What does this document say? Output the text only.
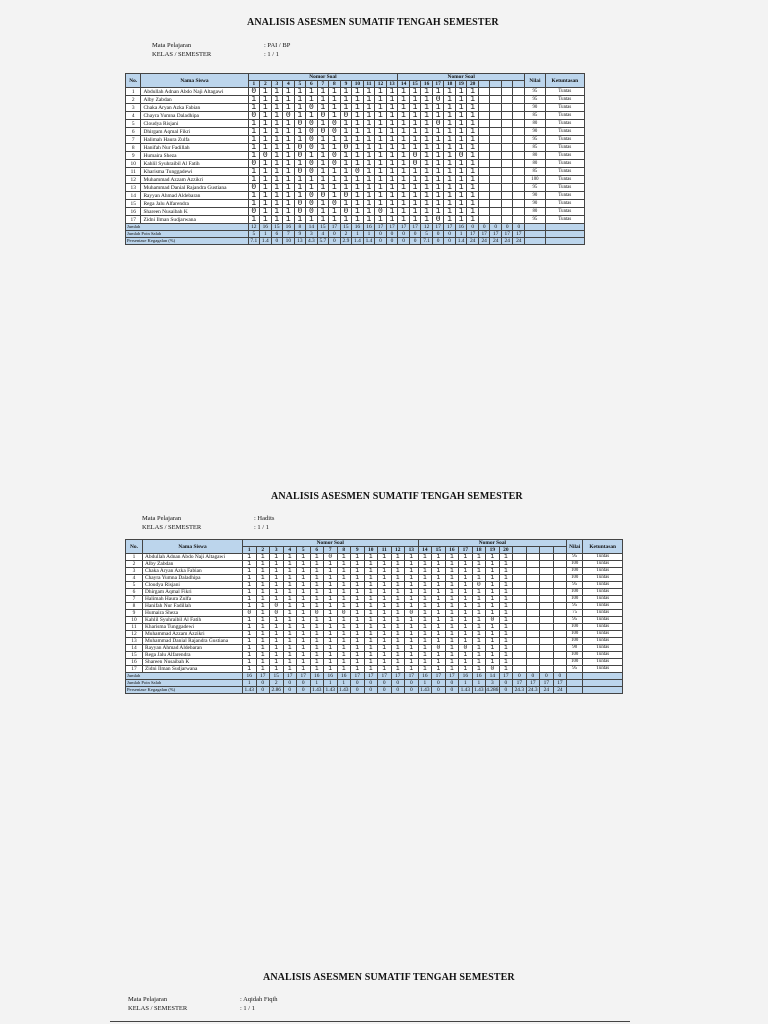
ANALISIS ASESMEN SUMATIF TENGAH SEMESTER
Mata Pelajaran	: PAI / BP
KELAS / SEMESTER	: 1 / 1
No.	Nama Siswa	Nomor Soal													Nomor Soal											Nilai	Ketuntasan
		1	2	3	4	5	6	7	8	9	10	11	12	13	14	15	16	17	18	19	20						
1	Abdullah Adnan Abdo Naji Altagawi	0	1	1	1	1	1	1	1	1	1	1	1	1	1	1	1	1	1	1	1					95	Tuntas
2	Alby Zabdan	1	1	1	1	1	1	1	1	1	1	1	1	1	1	1	1	0	1	1	1					95	Tuntas
3	Chaka Aryan Azka Fabian	1	1	1	1	1	0	1	1	1	1	1	1	1	1	1	1	1	1	1	1					90	Tuntas
4	Chayra Yumna Daladhipa	0	1	1	0	1	1	0	1	0	1	1	1	1	1	1	1	1	1	1	1					85	Tuntas
5	Cloudya Risjani	1	1	1	1	0	0	1	0	1	1	1	1	1	1	1	1	0	1	1	1					80	Tuntas
6	Dhirgam Aqmal Fikri	1	1	1	1	1	0	0	0	1	1	1	1	1	1	1	1	1	1	1	1					90	Tuntas
7	Halimah Haura Zulfa	1	1	1	1	1	0	1	1	1	1	1	1	1	1	1	1	1	1	1	1					95	Tuntas
8	Hanifah Nur Fadillah	1	1	1	1	0	0	1	1	0	1	1	1	1	1	1	1	1	1	1	1					85	Tuntas
9	Humaira Sheza	1	0	1	1	0	1	1	0	1	1	1	1	1	1	0	1	1	1	0	1					80	Tuntas
10	Kahlil Syuhraibil Al Fatih	0	1	1	1	1	0	1	0	1	1	1	1	1	1	0	1	1	1	1	1					80	Tuntas
11	Kharisma Tunggadewi	1	1	1	1	0	0	1	1	1	0	1	1	1	1	1	1	1	1	1	1					85	Tuntas
12	Muhammad Azzam Azzikri	1	1	1	1	1	1	1	1	1	1	1	1	1	1	1	1	1	1	1	1					100	Tuntas
13	Muhammad Danial Rajandra Gustiana	0	1	1	1	1	1	1	1	1	1	1	1	1	1	1	1	1	1	1	1					95	Tuntas
14	Rayyan Ahmad Aldebaran	1	1	1	1	1	0	0	1	0	1	1	1	1	1	1	1	1	1	1	1					90	Tuntas
15	Rega Jalu Alfarendra	1	1	1	1	0	0	1	0	1	1	1	1	1	1	1	1	1	1	1	1					90	Tuntas
16	Shareen Nusaibah K	0	1	1	1	0	0	1	1	0	1	1	0	1	1	1	1	1	1	1	1					80	Tuntas
17	Zidni Ilman Sudjarwana	1	1	1	1	1	1	1	1	1	1	1	1	1	1	1	1	0	1	1	1					95	Tuntas
Jumlah		12	16	15	16	8	14	15	17	15	16	16	17	17	17	17	12	17	17	16	0	0	0	0	0		
Jumlah Poin Salah		5	1	6	7	9	3	4	0	2	1	1	0	0	0	0	5	0	0	1	17	17	17	17	17		
Persentase Kegagalan (%)		7.1	1.4	0	10	13	4.3	5.7	0	2.9	1.4	1.4	0	0	0	0	7.1	0	0	1.4	24	24	24	24	24		
ANALISIS ASESMEN SUMATIF TENGAH SEMESTER
Mata Pelajaran	: Hadits
KELAS / SEMESTER	: 1 / 1
No.	Nama Siswa	Nomor Soal													Nomor Soal											Nilai	Ketuntasan
		1	2	3	4	5	6	7	8	9	10	11	12	13	14	15	16	17	18	19	20						
1	Abdullah Adnan Abdo Naji Altagawi	1	1	1	1	1	1	0	1	1	1	1	1	1	1	1	1	1	1	1	1					95	Tuntas
2	Alby Zabdan	1	1	1	1	1	1	1	1	1	1	1	1	1	1	1	1	1	1	1	1					100	Tuntas
3	Chaka Aryan Azka Fabian	1	1	1	1	1	1	1	1	1	1	1	1	1	1	1	1	1	1	1	1					100	Tuntas
4	Chayra Yumna Daladhipa	1	1	1	1	1	1	1	1	1	1	1	1	1	1	1	1	1	1	1	1					100	Tuntas
5	Cloudya Risjani	1	1	1	1	1	1	1	1	1	1	1	1	1	1	1	1	1	0	1	1					95	Tuntas
6	Dhirgam Aqmal Fikri	1	1	1	1	1	1	1	1	1	1	1	1	1	1	1	1	1	1	1	1					100	Tuntas
7	Halimah Haura Zulfa	1	1	1	1	1	1	1	1	1	1	1	1	1	1	1	1	1	1	1	1					100	Tuntas
8	Hanifah Nur Fadillah	1	1	0	1	1	1	1	1	1	1	1	1	1	1	1	1	1	1	1	1					95	Tuntas
9	Humaira Sheza	0	1	0	1	1	0	1	0	1	1	1	1	0	1	1	1	1	1	1	1					75	Tuntas
10	Kahlil Syuhraibil Al Fatih	1	1	1	1	1	1	1	1	1	1	1	1	1	1	1	1	1	1	0	1					95	Tuntas
11	Kharisma Tunggadewi	1	1	1	1	1	1	1	1	1	1	1	1	1	1	1	1	1	1	1	1					100	Tuntas
12	Muhammad Azzam Azzikri	1	1	1	1	1	1	1	1	1	1	1	1	1	1	1	1	1	1	1	1					100	Tuntas
13	Muhammad Danial Rajandra Gustiana	1	1	1	1	1	1	1	1	1	1	1	1	1	1	1	1	1	1	1	1					100	Tuntas
14	Rayyan Ahmad Aldebaran	1	1	1	1	1	1	1	1	1	1	1	1	1	1	0	1	0	1	1	1					90	Tuntas
15	Rega Jalu Alfarendra	1	1	1	1	1	1	1	1	1	1	1	1	1	1	1	1	1	1	1	1					100	Tuntas
16	Shareen Nusaibah K	1	1	1	1	1	1	1	1	1	1	1	1	1	1	1	1	1	1	1	1					100	Tuntas
17	Zidni Ilman Sudjarwana	1	1	1	1	1	1	1	1	1	1	1	1	1	1	1	1	1	1	0	1					95	Tuntas
Jumlah		16	17	15	17	17	16	16	16	17	17	17	17	17	16	17	17	16	16	14	17	0	0	0	0		
Jumlah Poin Salah		1	0	2	0	0	1	1	1	0	0	0	0	0	1	0	0	1	1	3	0	17	17	17	17		
Persentase Kegagalan (%)		1.43	0	2.86	0	0	1.43	1.43	1.43	0	0	0	0	0	1.43	0	0	1.43	1.43	4.286	0	24.3	24.3	24	24		
ANALISIS ASESMEN SUMATIF TENGAH SEMESTER
Mata Pelajaran	: Aqidah Fiqih
KELAS / SEMESTER	: 1 / 1
